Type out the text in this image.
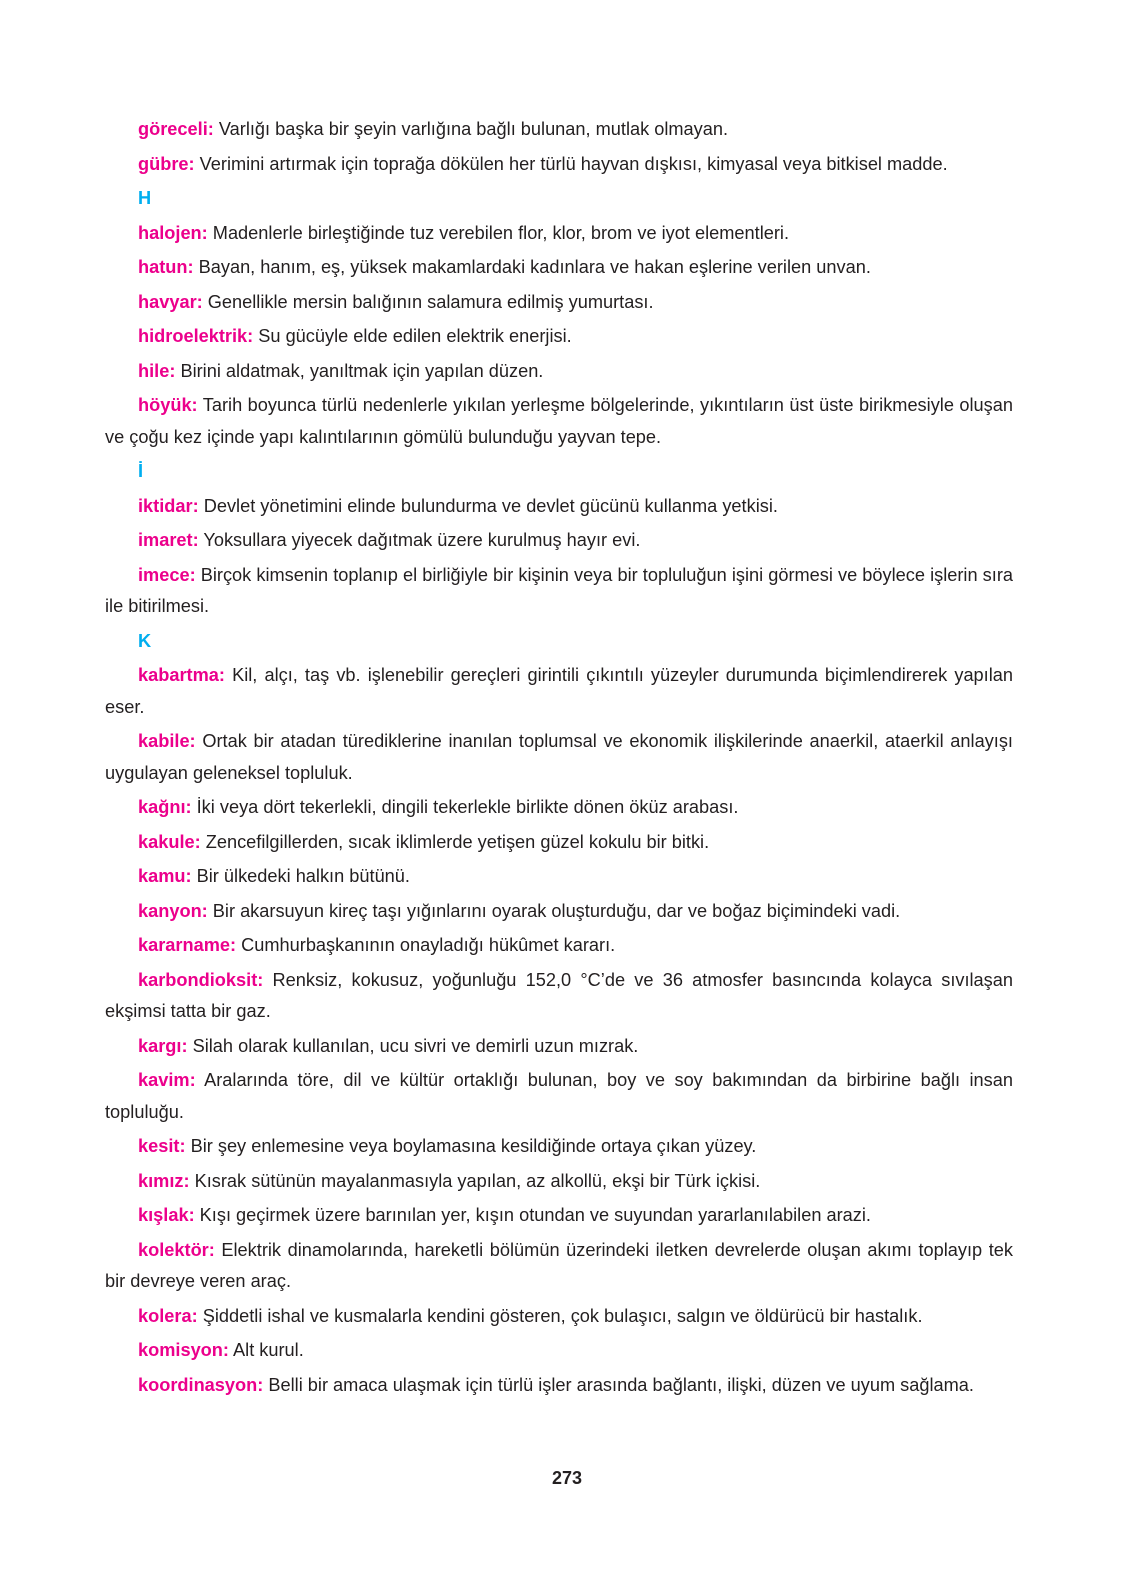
göreceli: Varlığı başka bir şeyin varlığına bağlı bulunan, mutlak olmayan.

gübre: Verimini artırmak için toprağa dökülen her türlü hayvan dışkısı, kimyasal veya bitkisel madde.

H

halojen: Madenlerle birleştiğinde tuz verebilen flor, klor, brom ve iyot elementleri.

hatun: Bayan, hanım, eş, yüksek makamlardaki kadınlara ve hakan eşlerine verilen unvan.

havyar: Genellikle mersin balığının salamura edilmiş yumurtası.

hidroelektrik: Su gücüyle elde edilen elektrik enerjisi.

hile: Birini aldatmak, yanıltmak için yapılan düzen.

höyük: Tarih boyunca türlü nedenlerle yıkılan yerleşme bölgelerinde, yıkıntıların üst üste birikmesiyle oluşan ve çoğu kez içinde yapı kalıntılarının gömülü bulunduğu yayvan tepe.

İ

iktidar: Devlet yönetimini elinde bulundurma ve devlet gücünü kullanma yetkisi.

imaret: Yoksullara yiyecek dağıtmak üzere kurulmuş hayır evi.

imece: Birçok kimsenin toplanıp el birliğiyle bir kişinin veya bir topluluğun işini görmesi ve böylece işlerin sıra ile bitirilmesi.

K

kabartma: Kil, alçı, taş vb. işlenebilir gereçleri girintili çıkıntılı yüzeyler durumunda biçimlendirerek yapılan eser.

kabile: Ortak bir atadan türediklerine inanılan toplumsal ve ekonomik ilişkilerinde anaerkil, ataerkil anlayışı uygulayan geleneksel topluluk.

kağnı: İki veya dört tekerlekli, dingili tekerlekle birlikte dönen öküz arabası.

kakule: Zencefilgillerden, sıcak iklimlerde yetişen güzel kokulu bir bitki.

kamu: Bir ülkedeki halkın bütünü.

kanyon: Bir akarsuyun kireç taşı yığınlarını oyarak oluşturduğu, dar ve boğaz biçimindeki vadi.

kararname: Cumhurbaşkanının onayladığı hükûmet kararı.

karbondioksit: Renksiz, kokusuz, yoğunluğu 152,0 °C’de ve 36 atmosfer basıncında kolayca sıvılaşan ekşimsi tatta bir gaz.

kargı: Silah olarak kullanılan, ucu sivri ve demirli uzun mızrak.

kavim: Aralarında töre, dil ve kültür ortaklığı bulunan, boy ve soy bakımından da birbirine bağlı insan topluluğu.

kesit: Bir şey enlemesine veya boylamasına kesildiğinde ortaya çıkan yüzey.

kımız: Kısrak sütünün mayalanmasıyla yapılan, az alkollü, ekşi bir Türk içkisi.

kışlak: Kışı geçirmek üzere barınılan yer, kışın otundan ve suyundan yararlanılabilen arazi.

kolektör: Elektrik dinamolarında, hareketli bölümün üzerindeki iletken devrelerde oluşan akımı toplayıp tek bir devreye veren araç.

kolera: Şiddetli ishal ve kusmalarla kendini gösteren, çok bulaşıcı, salgın ve öldürücü bir hastalık.

komisyon: Alt kurul.

koordinasyon: Belli bir amaca ulaşmak için türlü işler arasında bağlantı, ilişki, düzen ve uyum sağlama.

273
